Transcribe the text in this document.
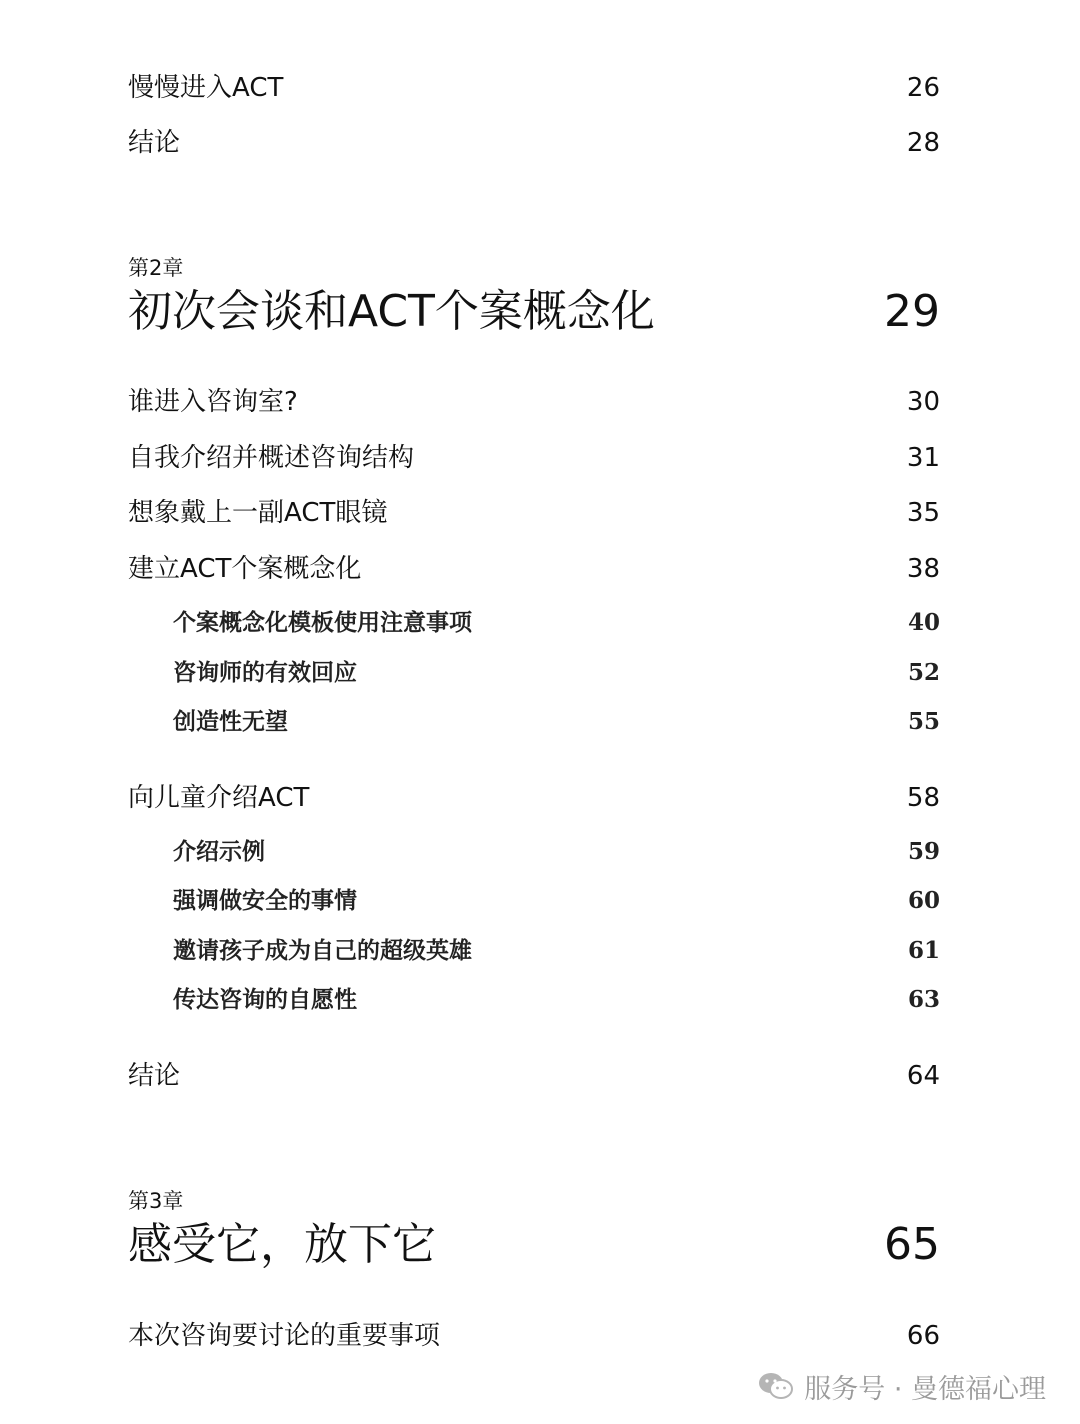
慢慢进入ACT	26
结论	28
第2章
初次会谈和ACT个案概念化	29
谁进入咨询室?	30
自我介绍并概述咨询结构	31
想象戴上一副ACT眼镜	35
建立ACT个案概念化	38
个案概念化模板使用注意事项	40
咨询师的有效回应	52
创造性无望	55
向儿童介绍ACT	58
介绍示例	59
强调做安全的事情	60
邀请孩子成为自己的超级英雄	61
传达咨询的自愿性	63
结论	64
第3章
感受它，放下它	65
本次咨询要讨论的重要事项	66
服务号 · 曼德福心理
